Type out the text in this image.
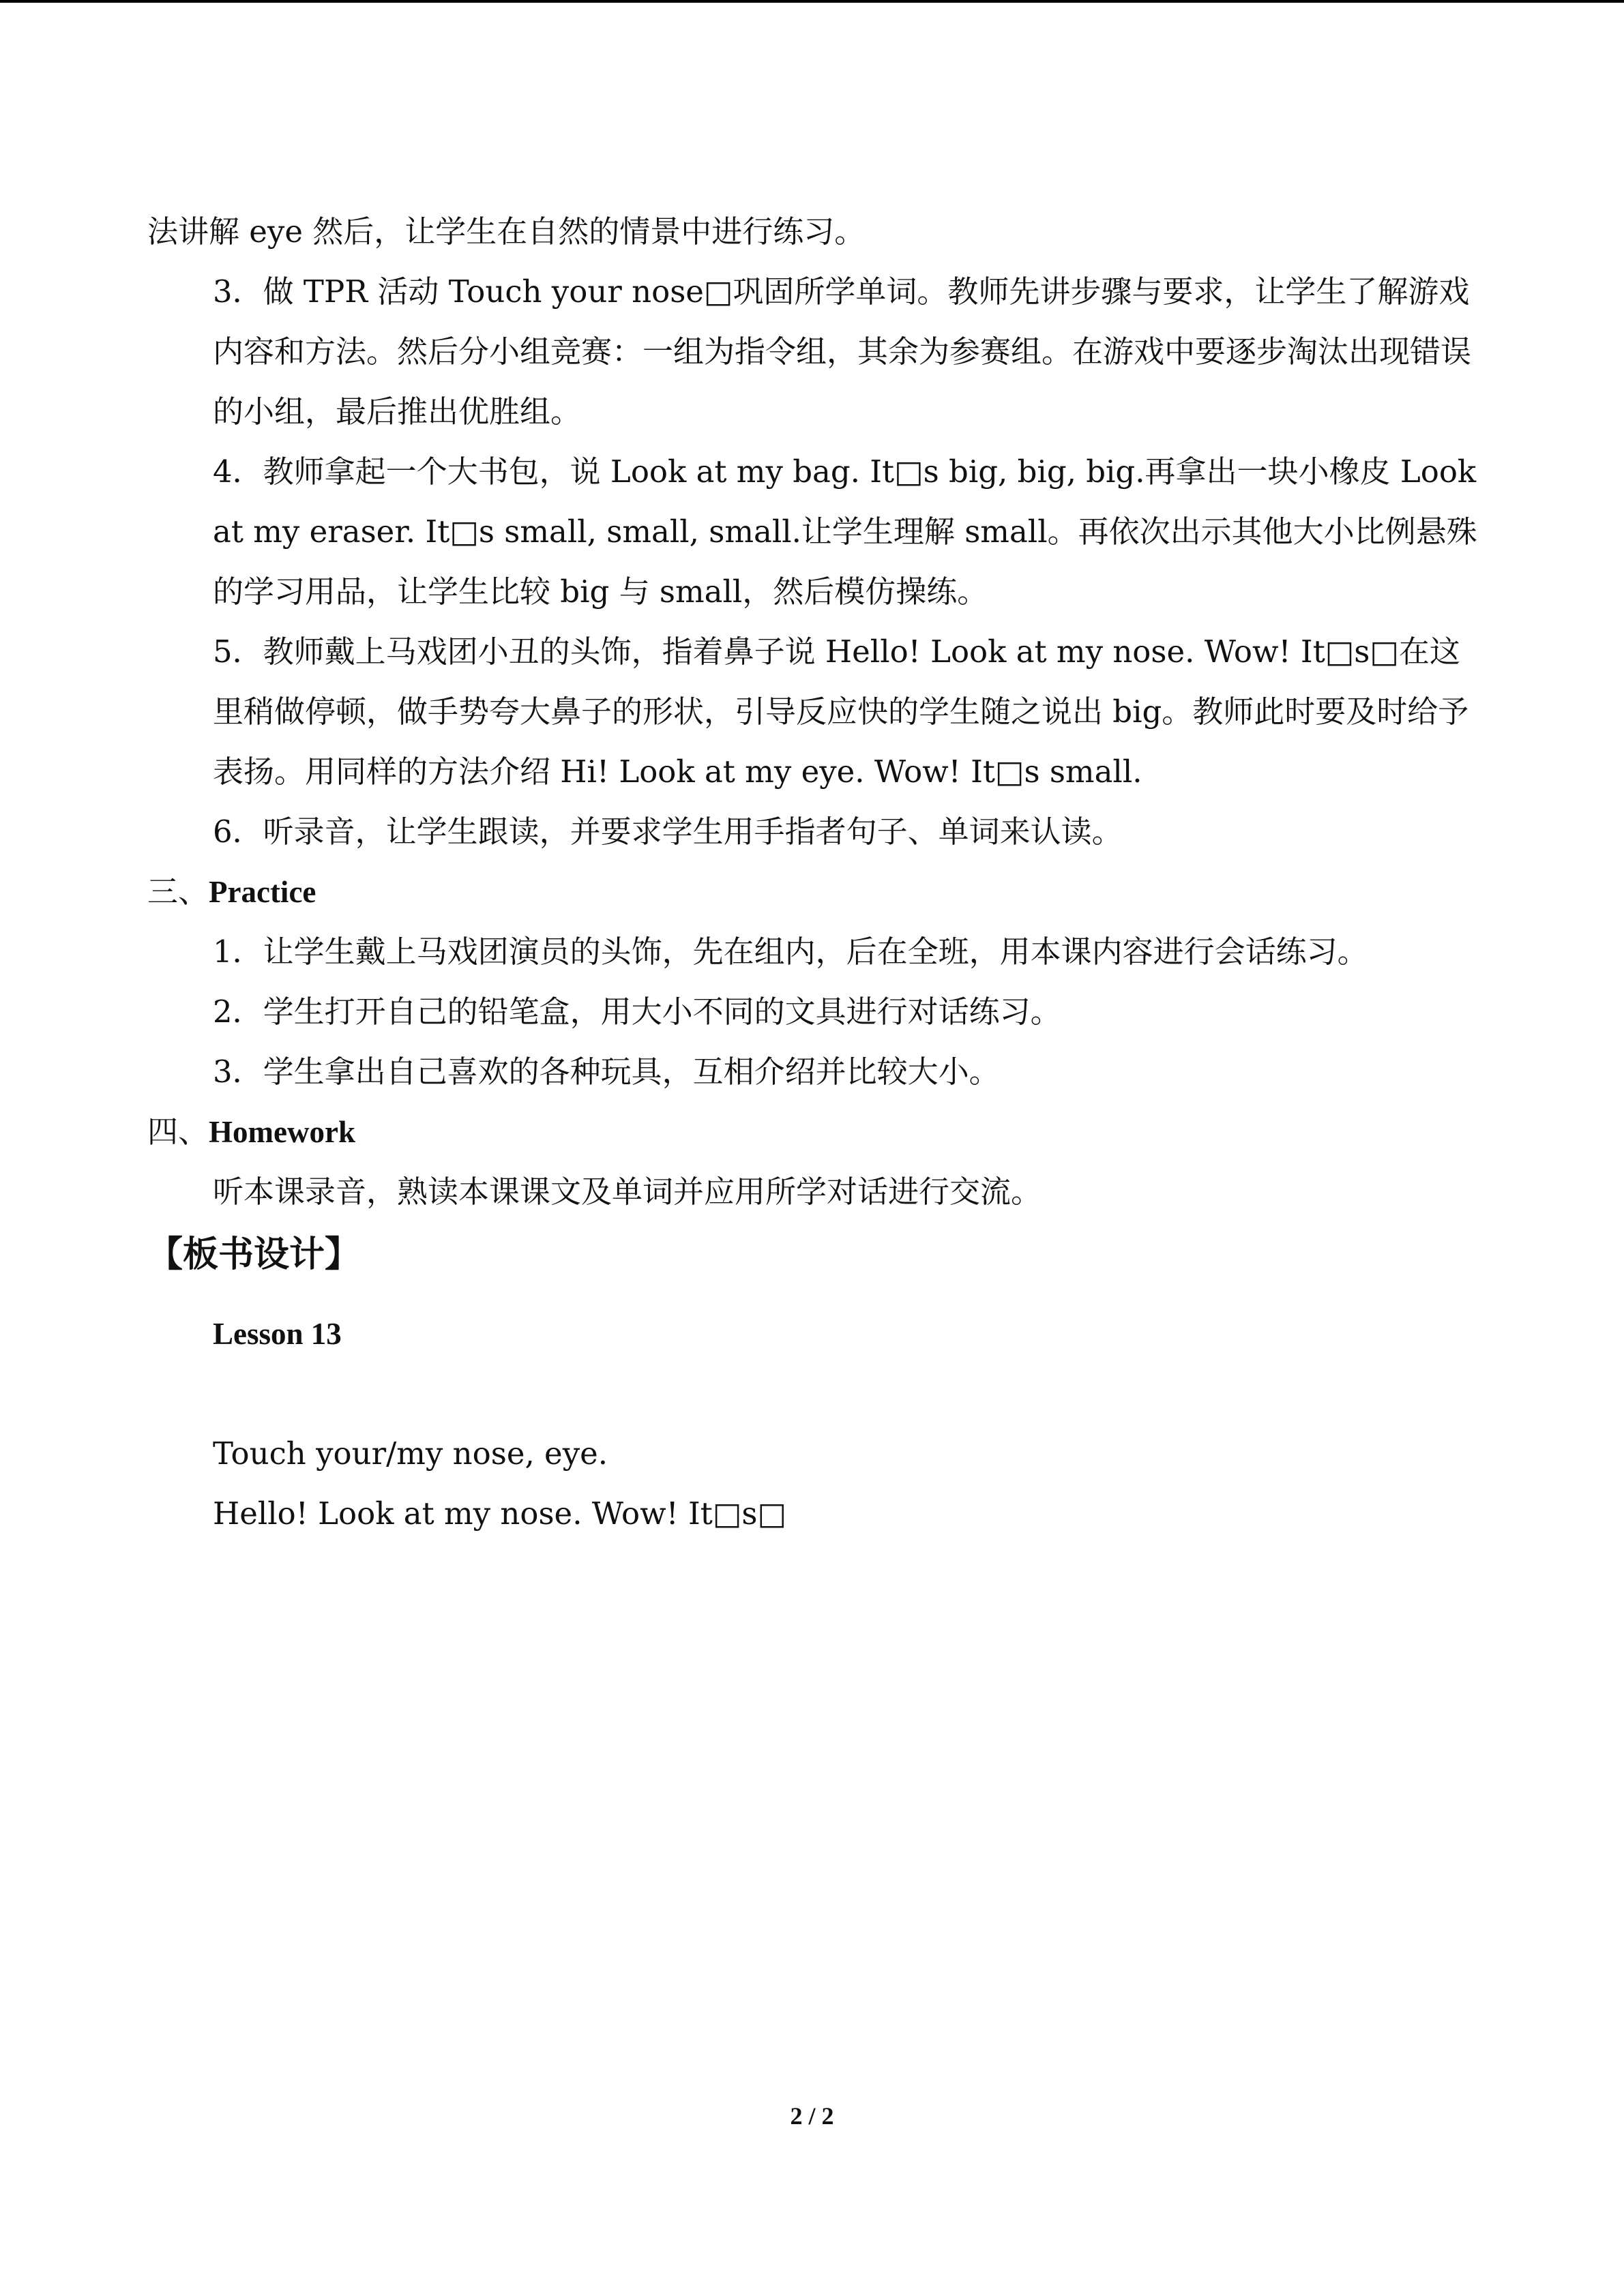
法讲解 eye 然后，让学生在自然的情景中进行练习。

3．做 TPR 活动 Touch your nose□巩固所学单词。教师先讲步骤与要求，让学生了解游戏内容和方法。然后分小组竞赛：一组为指令组，其余为参赛组。在游戏中要逐步淘汰出现错误的小组，最后推出优胜组。

4．教师拿起一个大书包，说 Look at my bag. It□s big, big, big.再拿出一块小橡皮 Look at my eraser. It□s small, small, small.让学生理解 small。再依次出示其他大小比例悬殊的学习用品，让学生比较 big 与 small，然后模仿操练。

5．教师戴上马戏团小丑的头饰，指着鼻子说 Hello! Look at my nose. Wow! It□s□在这里稍做停顿，做手势夸大鼻子的形状，引导反应快的学生随之说出 big。教师此时要及时给予表扬。用同样的方法介绍 Hi! Look at my eye. Wow! It□s small.

6．听录音，让学生跟读，并要求学生用手指者句子、单词来认读。

三、Practice

1．让学生戴上马戏团演员的头饰，先在组内，后在全班，用本课内容进行会话练习。

2．学生打开自己的铅笔盒，用大小不同的文具进行对话练习。

3．学生拿出自己喜欢的各种玩具，互相介绍并比较大小。

四、Homework

听本课录音，熟读本课课文及单词并应用所学对话进行交流。

【板书设计】

Lesson 13

Touch your/my nose, eye.

Hello! Look at my nose. Wow! It□s□

2 / 2
